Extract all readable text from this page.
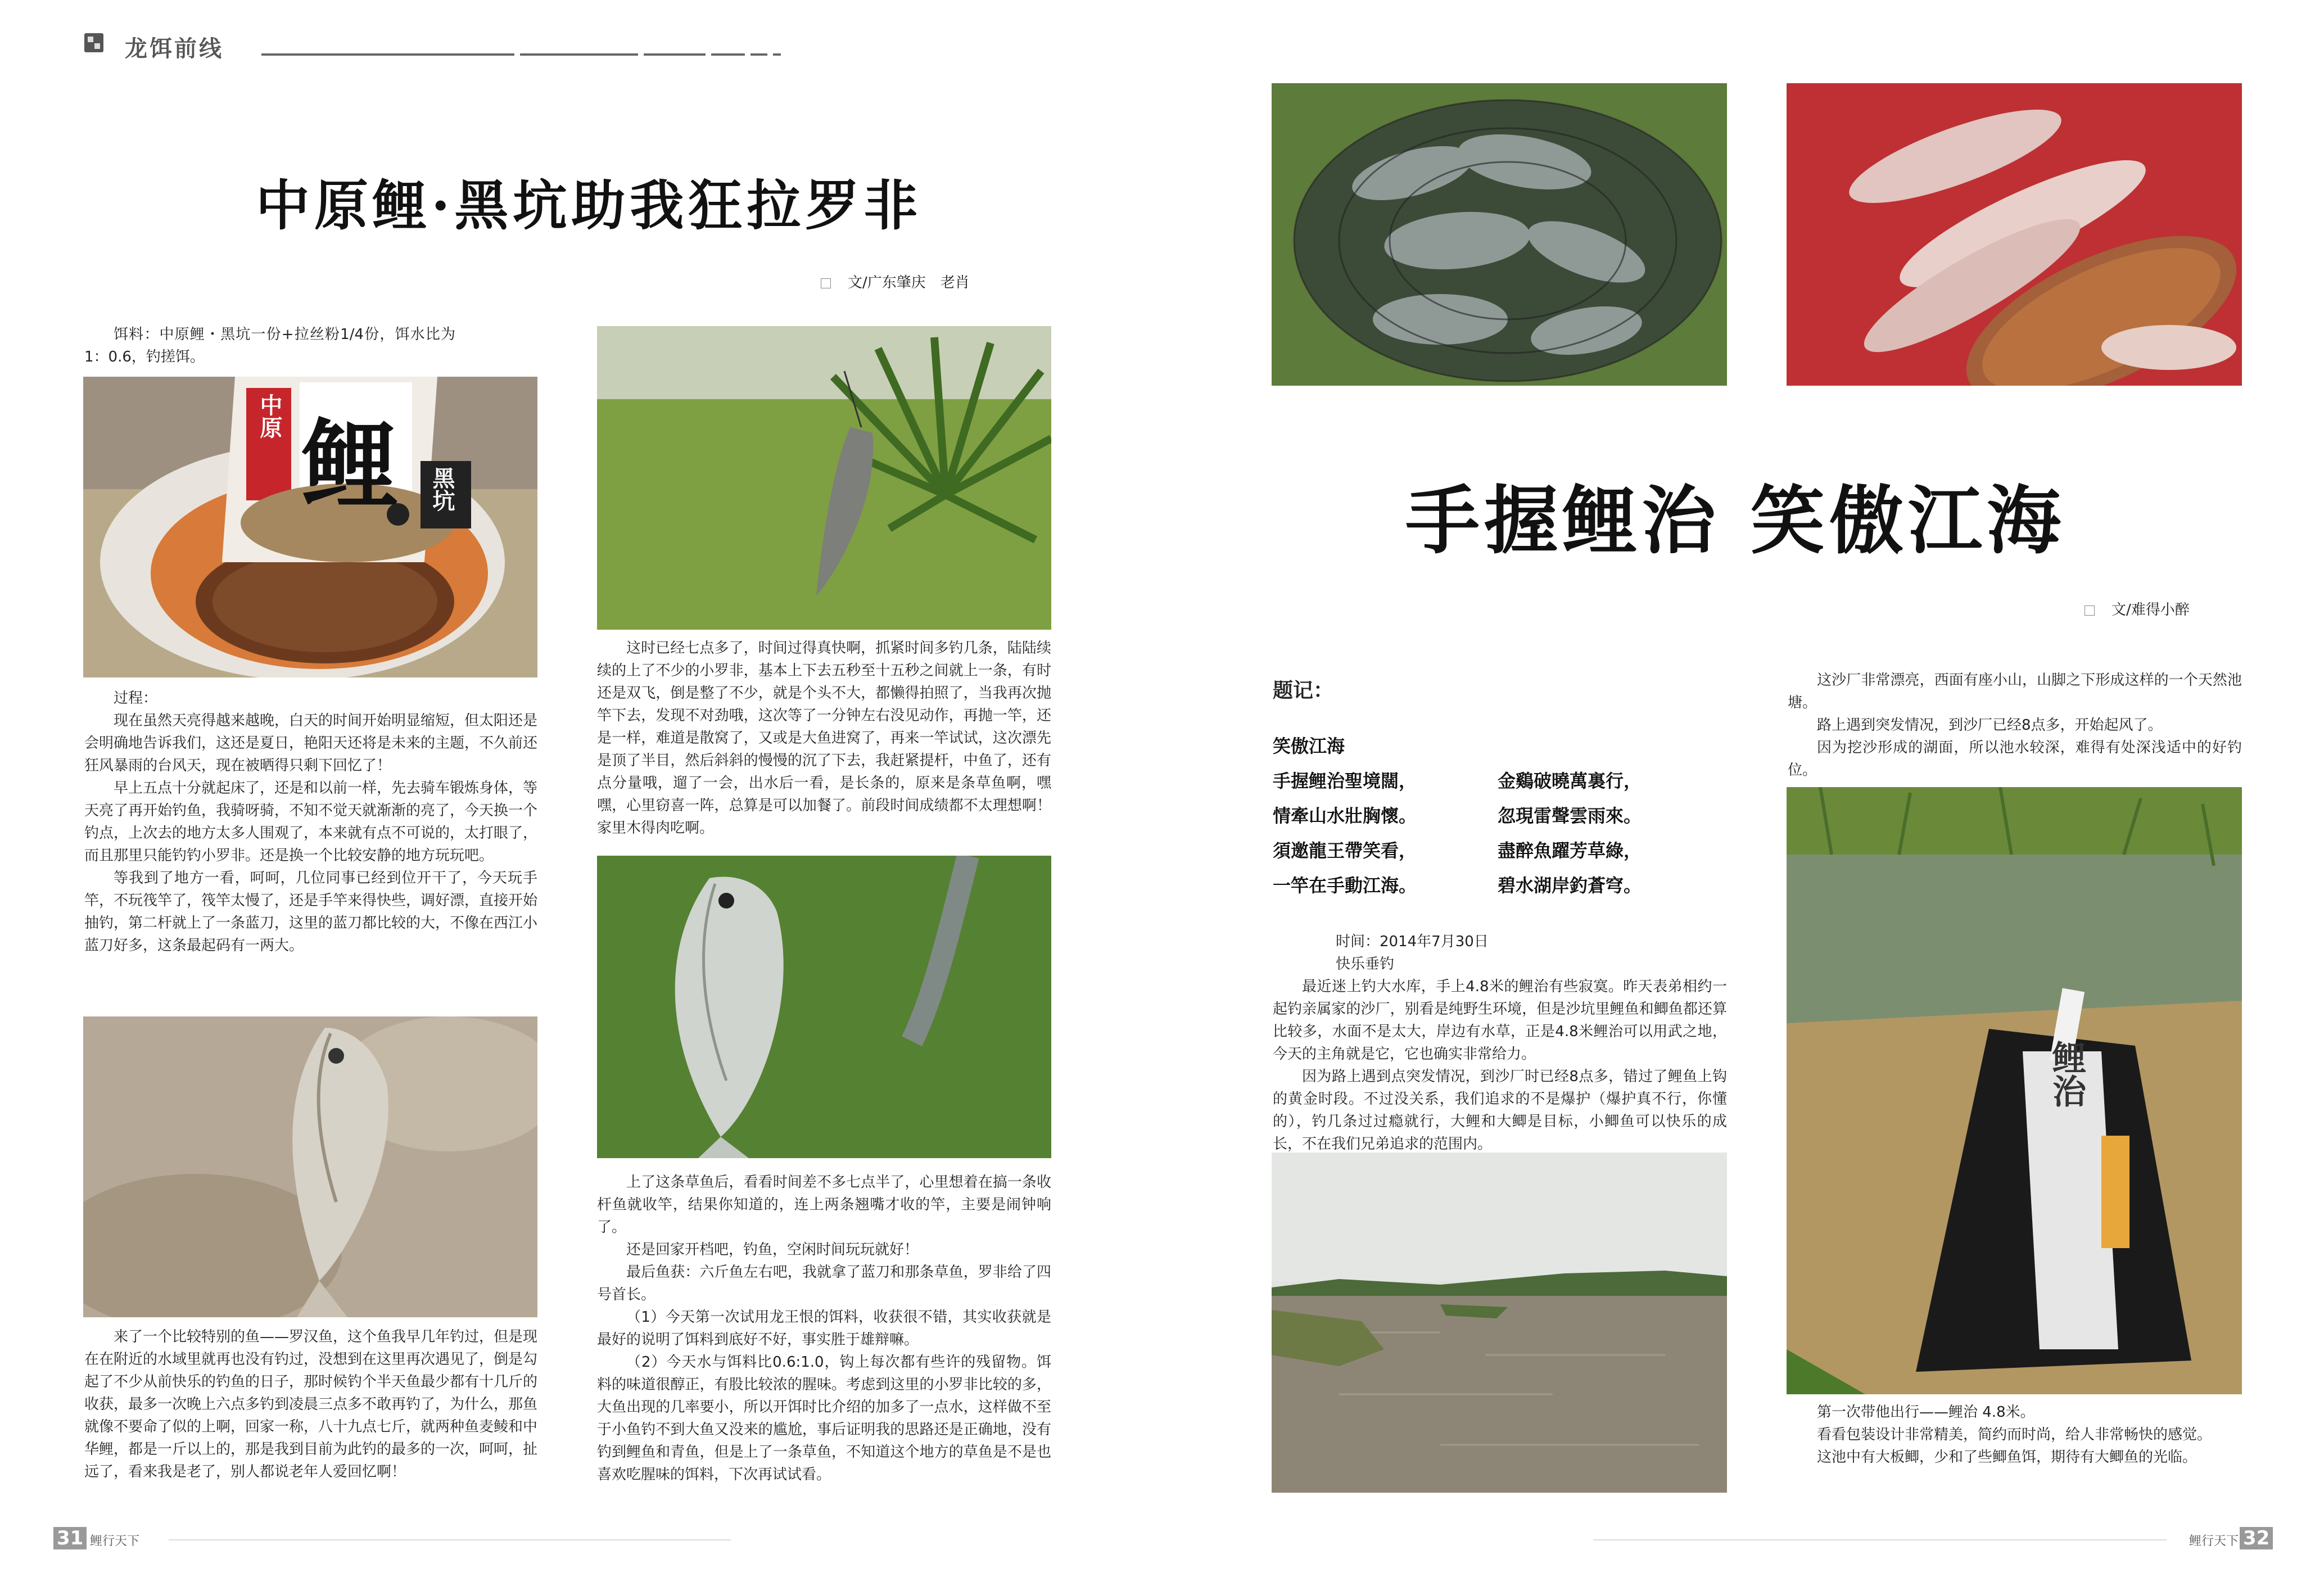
龙饵前线
中原鲤·黑坑助我狂拉罗非
文/广东肇庆　老肖

饵料：中原鲤・黑坑一份+拉丝粉1/4份，饵水比为1：0.6，钓搓饵。

中原 鲤 黑坑

过程：

现在虽然天亮得越来越晚，白天的时间开始明显缩短，但太阳还是会明确地告诉我们，这还是夏日，艳阳天还将是未来的主题，不久前还狂风暴雨的台风天，现在被晒得只剩下回忆了！

早上五点十分就起床了，还是和以前一样，先去骑车锻炼身体，等天亮了再开始钓鱼，我骑呀骑，不知不觉天就渐渐的亮了，今天换一个钓点，上次去的地方太多人围观了，本来就有点不可说的，太打眼了，而且那里只能钓钓小罗非。还是换一个比较安静的地方玩玩吧。

等我到了地方一看，呵呵，几位同事已经到位开干了，今天玩手竿，不玩筏竿了，筏竿太慢了，还是手竿来得快些，调好漂，直接开始抽钓，第二杆就上了一条蓝刀，这里的蓝刀都比较的大，不像在西江小蓝刀好多，这条最起码有一两大。

来了一个比较特别的鱼——罗汉鱼，这个鱼我早几年钓过，但是现在在附近的水域里就再也没有钓过，没想到在这里再次遇见了，倒是勾起了不少从前快乐的钓鱼的日子，那时候钓个半天鱼最少都有十几斤的收获，最多一次晚上六点多钓到凌晨三点多不敢再钓了，为什么，那鱼就像不要命了似的上啊，回家一称，八十九点七斤，就两种鱼麦鲮和中华鲤，都是一斤以上的，那是我到目前为此钓的最多的一次，呵呵，扯远了，看来我是老了，别人都说老年人爱回忆啊！

这时已经七点多了，时间过得真快啊，抓紧时间多钓几条，陆陆续续的上了不少的小罗非，基本上下去五秒至十五秒之间就上一条，有时还是双飞，倒是整了不少，就是个头不大，都懒得拍照了，当我再次抛竿下去，发现不对劲哦，这次等了一分钟左右没见动作，再抛一竿，还是一样，难道是散窝了，又或是大鱼进窝了，再来一竿试试，这次漂先是顶了半目，然后斜斜的慢慢的沉了下去，我赶紧提杆，中鱼了，还有点分量哦，遛了一会，出水后一看，是长条的，原来是条草鱼啊，嘿嘿，心里窃喜一阵，总算是可以加餐了。前段时间成绩都不太理想啊！家里木得肉吃啊。

上了这条草鱼后，看看时间差不多七点半了，心里想着在搞一条收杆鱼就收竿，结果你知道的，连上两条翘嘴才收的竿，主要是闹钟响了。

还是回家开档吧，钓鱼，空闲时间玩玩就好！

最后鱼获：六斤鱼左右吧，我就拿了蓝刀和那条草鱼，罗非给了四号首长。

（1）今天第一次试用龙王恨的饵料，收获很不错，其实收获就是最好的说明了饵料到底好不好，事实胜于雄辩嘛。

（2）今天水与饵料比0.6:1.0，钩上每次都有些许的残留物。饵料的味道很醇正，有股比较浓的腥味。考虑到这里的小罗非比较的多，大鱼出现的几率要小，所以开饵时比介绍的加多了一点水，这样做不至于小鱼钓不到大鱼又没来的尴尬，事后证明我的思路还是正确地，没有钓到鲤鱼和青鱼，但是上了一条草鱼，不知道这个地方的草鱼是不是也喜欢吃腥味的饵料，下次再试试看。

手握鲤治 笑傲江海
文/难得小醉
题记：
笑傲江海
手握鲤治聖境闊，	金鷄破曉萬裏行，
情牽山水壯胸懷。	忽現雷聲雲雨來。
須邀龍王帶笑看，	盡醉魚躍芳草綠，
一竿在手動江海。	碧水湖岸釣蒼穹。

时间：2014年7月30日

快乐垂钓

最近迷上钓大水库，手上4.8米的鲤治有些寂寞。昨天表弟相约一起钓亲属家的沙厂，别看是纯野生环境，但是沙坑里鲤鱼和鲫鱼都还算比较多，水面不是太大，岸边有水草，正是4.8米鲤治可以用武之地，今天的主角就是它，它也确实非常给力。

因为路上遇到点突发情况，到沙厂时已经8点多，错过了鲤鱼上钩的黄金时段。不过没关系，我们追求的不是爆护（爆护真不行，你懂的），钓几条过过瘾就行，大鲤和大鲫是目标，小鲫鱼可以快乐的成长，不在我们兄弟追求的范围内。

这沙厂非常漂亮，西面有座小山，山脚之下形成这样的一个天然池塘。

路上遇到突发情况，到沙厂已经8点多，开始起风了。

因为挖沙形成的湖面，所以池水较深，难得有处深浅适中的好钓位。

鲤治

第一次带他出行——鲤治 4.8米。

看看包装设计非常精美，简约而时尚，给人非常畅快的感觉。

这池中有大板鲫，少和了些鲫鱼饵，期待有大鲫鱼的光临。

31 鲤行天下	鲤行天下 32
